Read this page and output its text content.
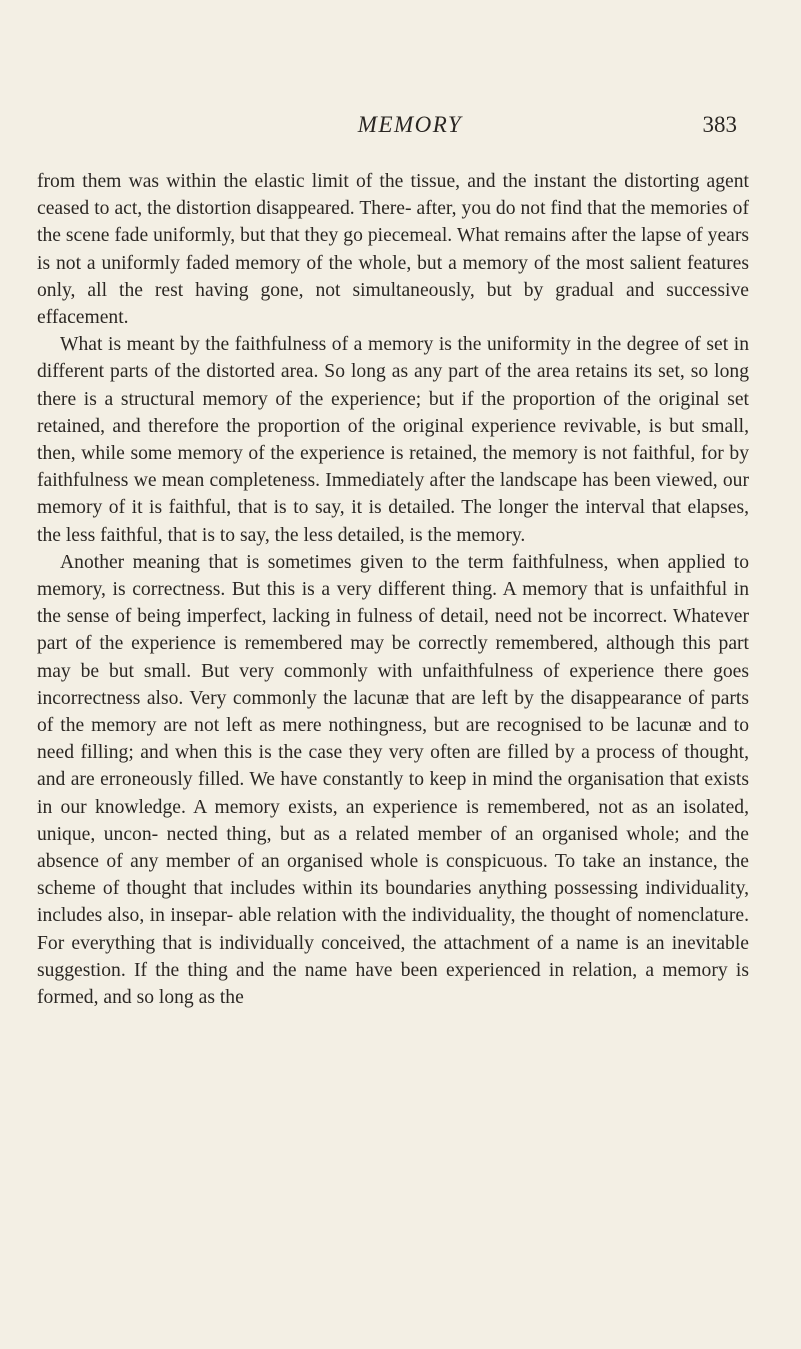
MEMORY	383

from them was within the elastic limit of the tissue, and the instant the distorting agent ceased to act, the distortion disappeared. There- after, you do not find that the memories of the scene fade uniformly, but that they go piecemeal. What remains after the lapse of years is not a uniformly faded memory of the whole, but a memory of the most salient features only, all the rest having gone, not simultaneously, but by gradual and successive effacement.

What is meant by the faithfulness of a memory is the uniformity in the degree of set in different parts of the distorted area. So long as any part of the area retains its set, so long there is a structural memory of the experience; but if the proportion of the original set retained, and therefore the proportion of the original experience revivable, is but small, then, while some memory of the experience is retained, the memory is not faithful, for by faithfulness we mean completeness. Immediately after the landscape has been viewed, our memory of it is faithful, that is to say, it is detailed. The longer the interval that elapses, the less faithful, that is to say, the less detailed, is the memory.

Another meaning that is sometimes given to the term faithfulness, when applied to memory, is correctness. But this is a very different thing. A memory that is unfaithful in the sense of being imperfect, lacking in fulness of detail, need not be incorrect. Whatever part of the experience is remembered may be correctly remembered, although this part may be but small. But very commonly with unfaithfulness of experience there goes incorrectness also. Very commonly the lacunæ that are left by the disappearance of parts of the memory are not left as mere nothingness, but are recognised to be lacunæ and to need filling; and when this is the case they very often are filled by a process of thought, and are erroneously filled. We have constantly to keep in mind the organisation that exists in our knowledge. A memory exists, an experience is remembered, not as an isolated, unique, uncon- nected thing, but as a related member of an organised whole; and the absence of any member of an organised whole is conspicuous. To take an instance, the scheme of thought that includes within its boundaries anything possessing individuality, includes also, in insepar- able relation with the individuality, the thought of nomenclature. For everything that is individually conceived, the attachment of a name is an inevitable suggestion. If the thing and the name have been experienced in relation, a memory is formed, and so long as the
